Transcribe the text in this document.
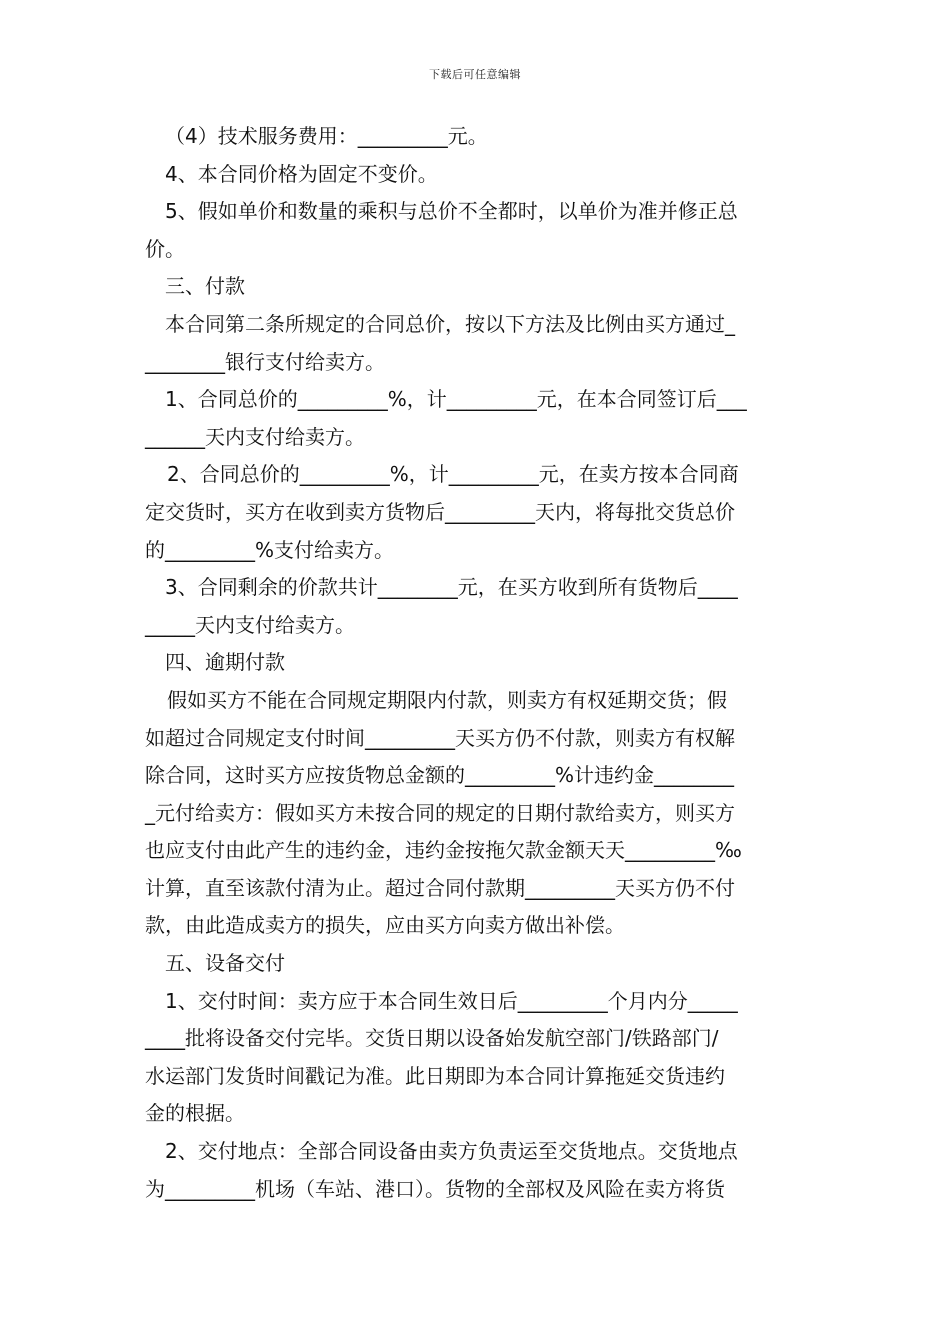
下载后可任意编辑
（4）技术服务费用：_________元。
4、本合同价格为固定不变价。
5、假如单价和数量的乘积与总价不全都时，以单价为准并修正总
价。
三、付款
本合同第二条所规定的合同总价，按以下方法及比例由买方通过_
________银行支付给卖方。
1、合同总价的_________%，计_________元，在本合同签订后___
______天内支付给卖方。
2、合同总价的_________%，计_________元，在卖方按本合同商
定交货时，买方在收到卖方货物后_________天内，将每批交货总价
的_________%支付给卖方。
3、合同剩余的价款共计________元，在买方收到所有货物后____
_____天内支付给卖方。
四、逾期付款
假如买方不能在合同规定期限内付款，则卖方有权延期交货；假
如超过合同规定支付时间_________天买方仍不付款，则卖方有权解
除合同，这时买方应按货物总金额的_________%计违约金________
_元付给卖方：假如买方未按合同的规定的日期付款给卖方，则买方
也应支付由此产生的违约金，违约金按拖欠款金额天天_________‰
计算，直至该款付清为止。超过合同付款期_________天买方仍不付
款，由此造成卖方的损失，应由买方向卖方做出补偿。
五、设备交付
1、交付时间：卖方应于本合同生效日后_________个月内分_____
____批将设备交付完毕。交货日期以设备始发航空部门/铁路部门/
水运部门发货时间戳记为准。此日期即为本合同计算拖延交货违约
金的根据。
2、交付地点：全部合同设备由卖方负责运至交货地点。交货地点
为_________机场（车站、港口）。货物的全部权及风险在卖方将货
